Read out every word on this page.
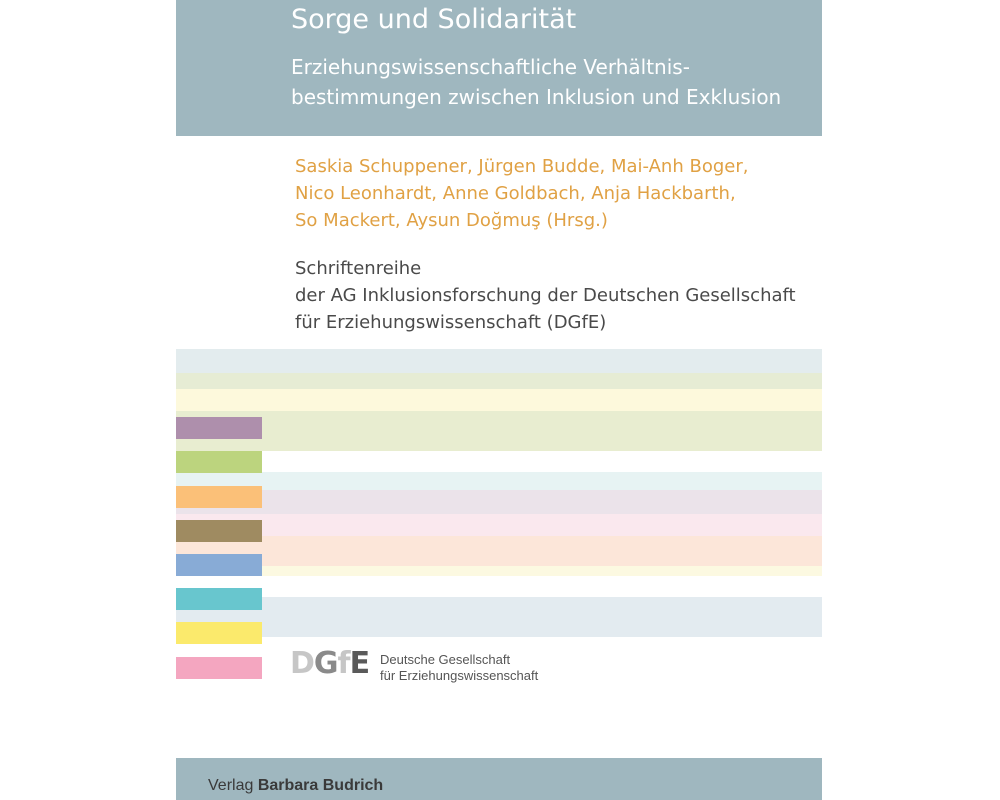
Sorge und Solidarität

Erziehungswissenschaftliche Verhältnis-
bestimmungen zwischen Inklusion und Exklusion

Saskia Schuppener, Jürgen Budde, Mai-Anh Boger,
Nico Leonhardt, Anne Goldbach, Anja Hackbarth,
So Mackert, Aysun Doğmuş (Hrsg.)

Schriftenreihe
der AG Inklusionsforschung der Deutschen Gesellschaft
für Erziehungswissenschaft (DGfE)

DGfE Deutsche Gesellschaft
für Erziehungswissenschaft

Verlag Barbara Budrich
